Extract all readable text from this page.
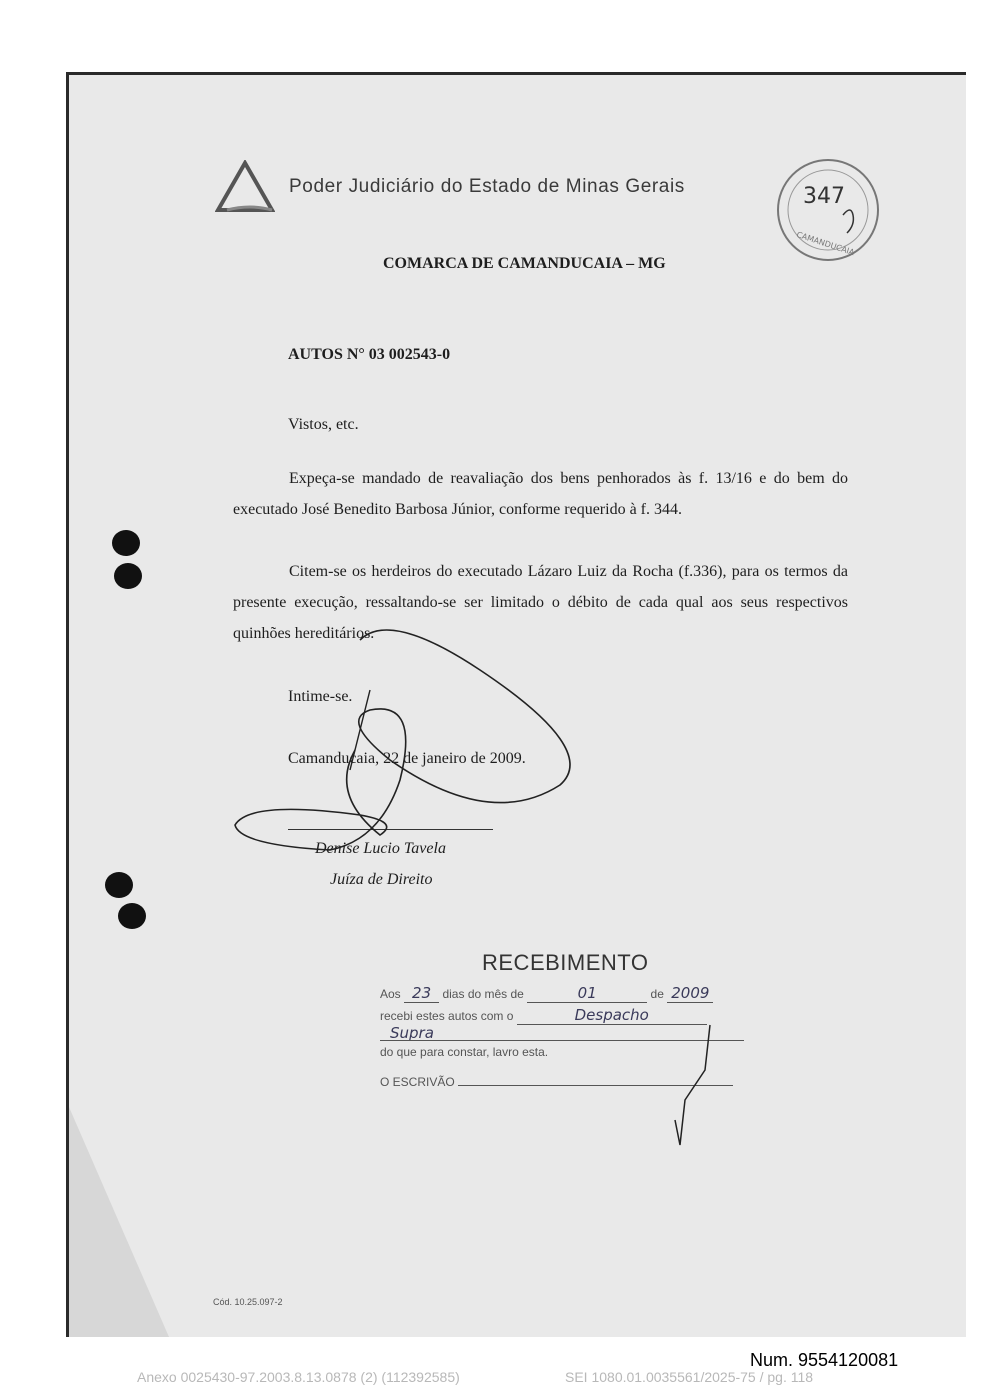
Poder Judiciário do Estado de Minas Gerais	347
CAMANDUCAIA
COMARCA DE CAMANDUCAIA – MG
AUTOS N° 03 002543-0
Vistos, etc.
Expeça-se mandado de reavaliação dos bens penhorados às f. 13/16 e do bem do executado José Benedito Barbosa Júnior, conforme requerido à f. 344.
Citem-se os herdeiros do executado Lázaro Luiz da Rocha (f.336), para os termos da presente execução, ressaltando-se ser limitado o débito de cada qual aos seus respectivos quinhões hereditários.
Intime-se.
Camanducaia, 22 de janeiro de 2009.
Denise Lucio Tavela
Juíza de Direito
RECEBIMENTO
Aos 23 dias do mês de	01	de 2009
recebi estes autos com o	Despacho
Supra
do que para constar, lavro esta.
O ESCRIVÃO
Cód. 10.25.097-2
Num. 9554120081
Anexo 0025430-97.2003.8.13.0878 (2) (112392585)	SEI 1080.01.0035561/2025-75 / pg. 118
